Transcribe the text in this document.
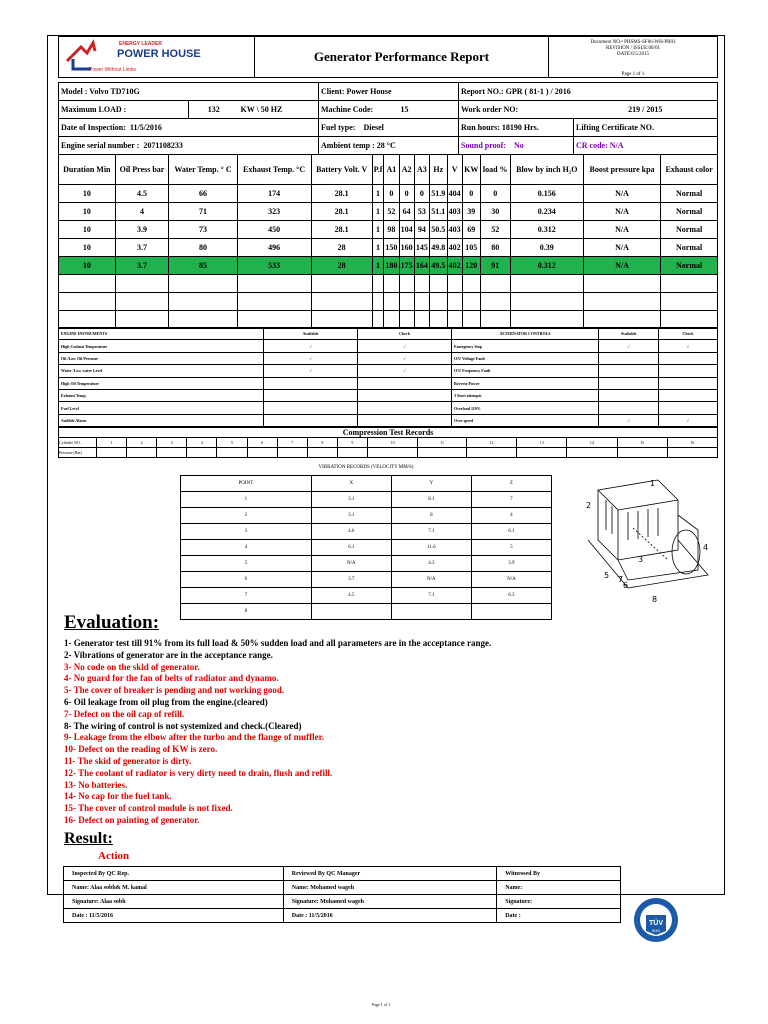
ENERGY LEADER
POWER HOUSE
Power Without Limits
Generator Performance Report
Document NO.• PHSMS-SF06-WH-PR03
REVISION / ISSUE:00/01
DATE:6/5/2015
Page 1 of 1
Model : Volvo TD710G			Client: Power House		Report NO.: GPR ( 81-1 ) / 2016	
Maximum LOAD :	132	KW \ 50 HZ	Machine Code:	15	Work order NO:	219 / 2015
Date of Inspection: 11/5/2016			Fuel type: Diesel		Run hours: 18190 Hrs.	Lifting Certificate NO.
Engine serial number : 2071108233			Ambient temp : 28 °C		Sound proof: No	CR code: N/A
Duration Min	Oil Press bar	Water Temp. ° C	Exhaust Temp. °C	Battery Volt. V	P.f	A1	A2	A3	Hz	V	KW	load %	Blow by inch H₂O	Boost pressure kpa	Exhaust color
10	4.5	66	174	28.1	1	0	0	0	51.9	404	0	0	0.156	N/A	Normal
10	4	71	323	28.1	1	52	64	53	51.1	403	39	30	0.234	N/A	Normal
10	3.9	73	450	28.1	1	98	104	94	50.5	403	69	52	0.312	N/A	Normal
10	3.7	80	496	28	1	150	160	145	49.8	402	105	80	0.39	N/A	Normal
10	3.7	85	533	28	1	180	175	164	49.5	402	120	91	0.312	N/A	Normal

ENGINE INSTRUMENTS	Available	Check	ALTERNATOR CONTROLS	Available	Check
High Coolant Temperature	√	√	Emergency Stop	√	√
Oil /Low Oil Pressure	√	√	O/U Voltage Fault		
Water /Low water Level	√	√	O/U Frequency Fault		
High Oil Temperature			Reverse Power		
Exhaust Temp.			3 Start attempts		
Fuel Level			Overload 110%		
Audible Alarm			Over speed	√	√
Compression Test Records																
Cylinder NO.	1	2	3	4	5	6	7	8	9	10	11	12	13	14	15	16
Pressure (Bar)																
VIBRATION RECORDS (VELOCITY MM/S)			
POINT	X	Y	Z
1	3.1	8.1	7
2	3.1	8	4
3	4.6	7.1	6.1
4	6.1	11.6	5
5	N/A	4.3	3.9
6	3.7	N/A	N/A
7	4.5	7.1	6.3
8			
2
1
4
3
5 7
8
6
Evaluation:
1- Generator test till 91% from its full load & 50% sudden load and all parameters are in the acceptance range.
2- Vibrations of generator are in the acceptance range.
3- No code on the skid of generator.
4- No guard for the fan of belts of radiator and dynamo.
5- The cover of breaker is pending and not working good.
6- Oil leakage from oil plug from the engine.(cleared)
7- Defect on the oil cap of refill.
8- The wiring of control is not systemized and check.(Cleared)
9- Leakage from the elbow after the turbo and the flange of muffler.
10- Defect on the reading of KW is zero.
11- The skid of generator is dirty.
12- The coolant of radiator is very dirty need to drain, flush and refill.
13- No batteries.
14- No cap for the fuel tank.
15- The cover of control module is not fixed.
16- Defect on painting of generator.
Result:
Action
Inspected By QC Rep.	Reviewed By QC Manager	Witnessed By
Name: Alaa sobh& M. kamal	Name: Mohamed wageh	Name:
Signature: Alaa sobh	Signature: Mohamed wageh	Signature:
Date : 11/5/2016	Date : 11/5/2016	Date :
TÜV
SÜD
Page 1 of 1
